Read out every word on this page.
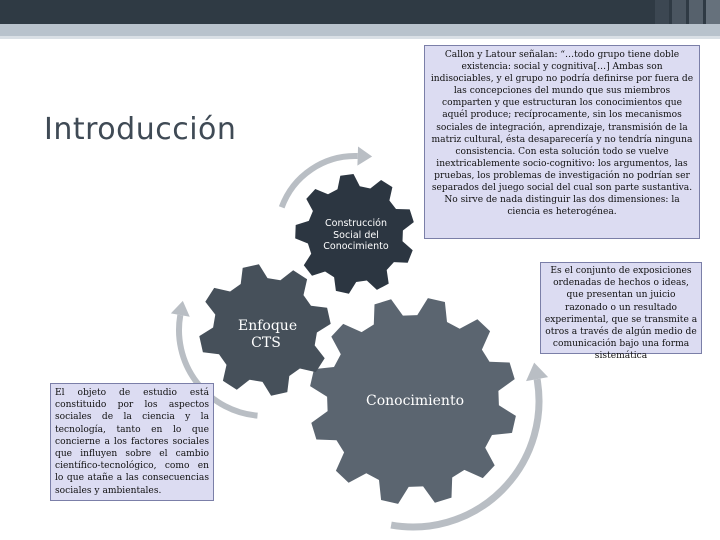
Introducción
Construcción Social del Conocimiento
Enfoque CTS
Conocimiento
Callon y Latour señalan: “…todo grupo tiene doble existencia: social y cognitiva[…] Ambas son indisociables, y el grupo no podría definirse por fuera de las concepciones del mundo que sus miembros comparten y que estructuran los conocimientos que aquél produce; recíprocamente, sin los mecanismos sociales de integración, aprendizaje, transmisión de la matriz cultural, ésta desaparecería y no tendría ninguna consistencia. Con esta solución todo se vuelve inextricablemente socio-cognitivo: los argumentos, las pruebas, los problemas de investigación no podrían ser separados del juego social del cual son parte sustantiva. No sirve de nada distinguir las dos dimensiones: la ciencia es heterogénea.
Es el conjunto de exposiciones ordenadas de hechos o ideas, que presentan un juicio razonado o un resultado experimental, que se transmite a otros a través de algún medio de comunicación bajo una forma sistemática
El objeto de estudio está constituido por los aspectos sociales de la ciencia y la tecnología, tanto en lo que concierne a los factores sociales que influyen sobre el cambio científico-tecnológico, como en lo que atañe a las consecuencias sociales y ambientales.
